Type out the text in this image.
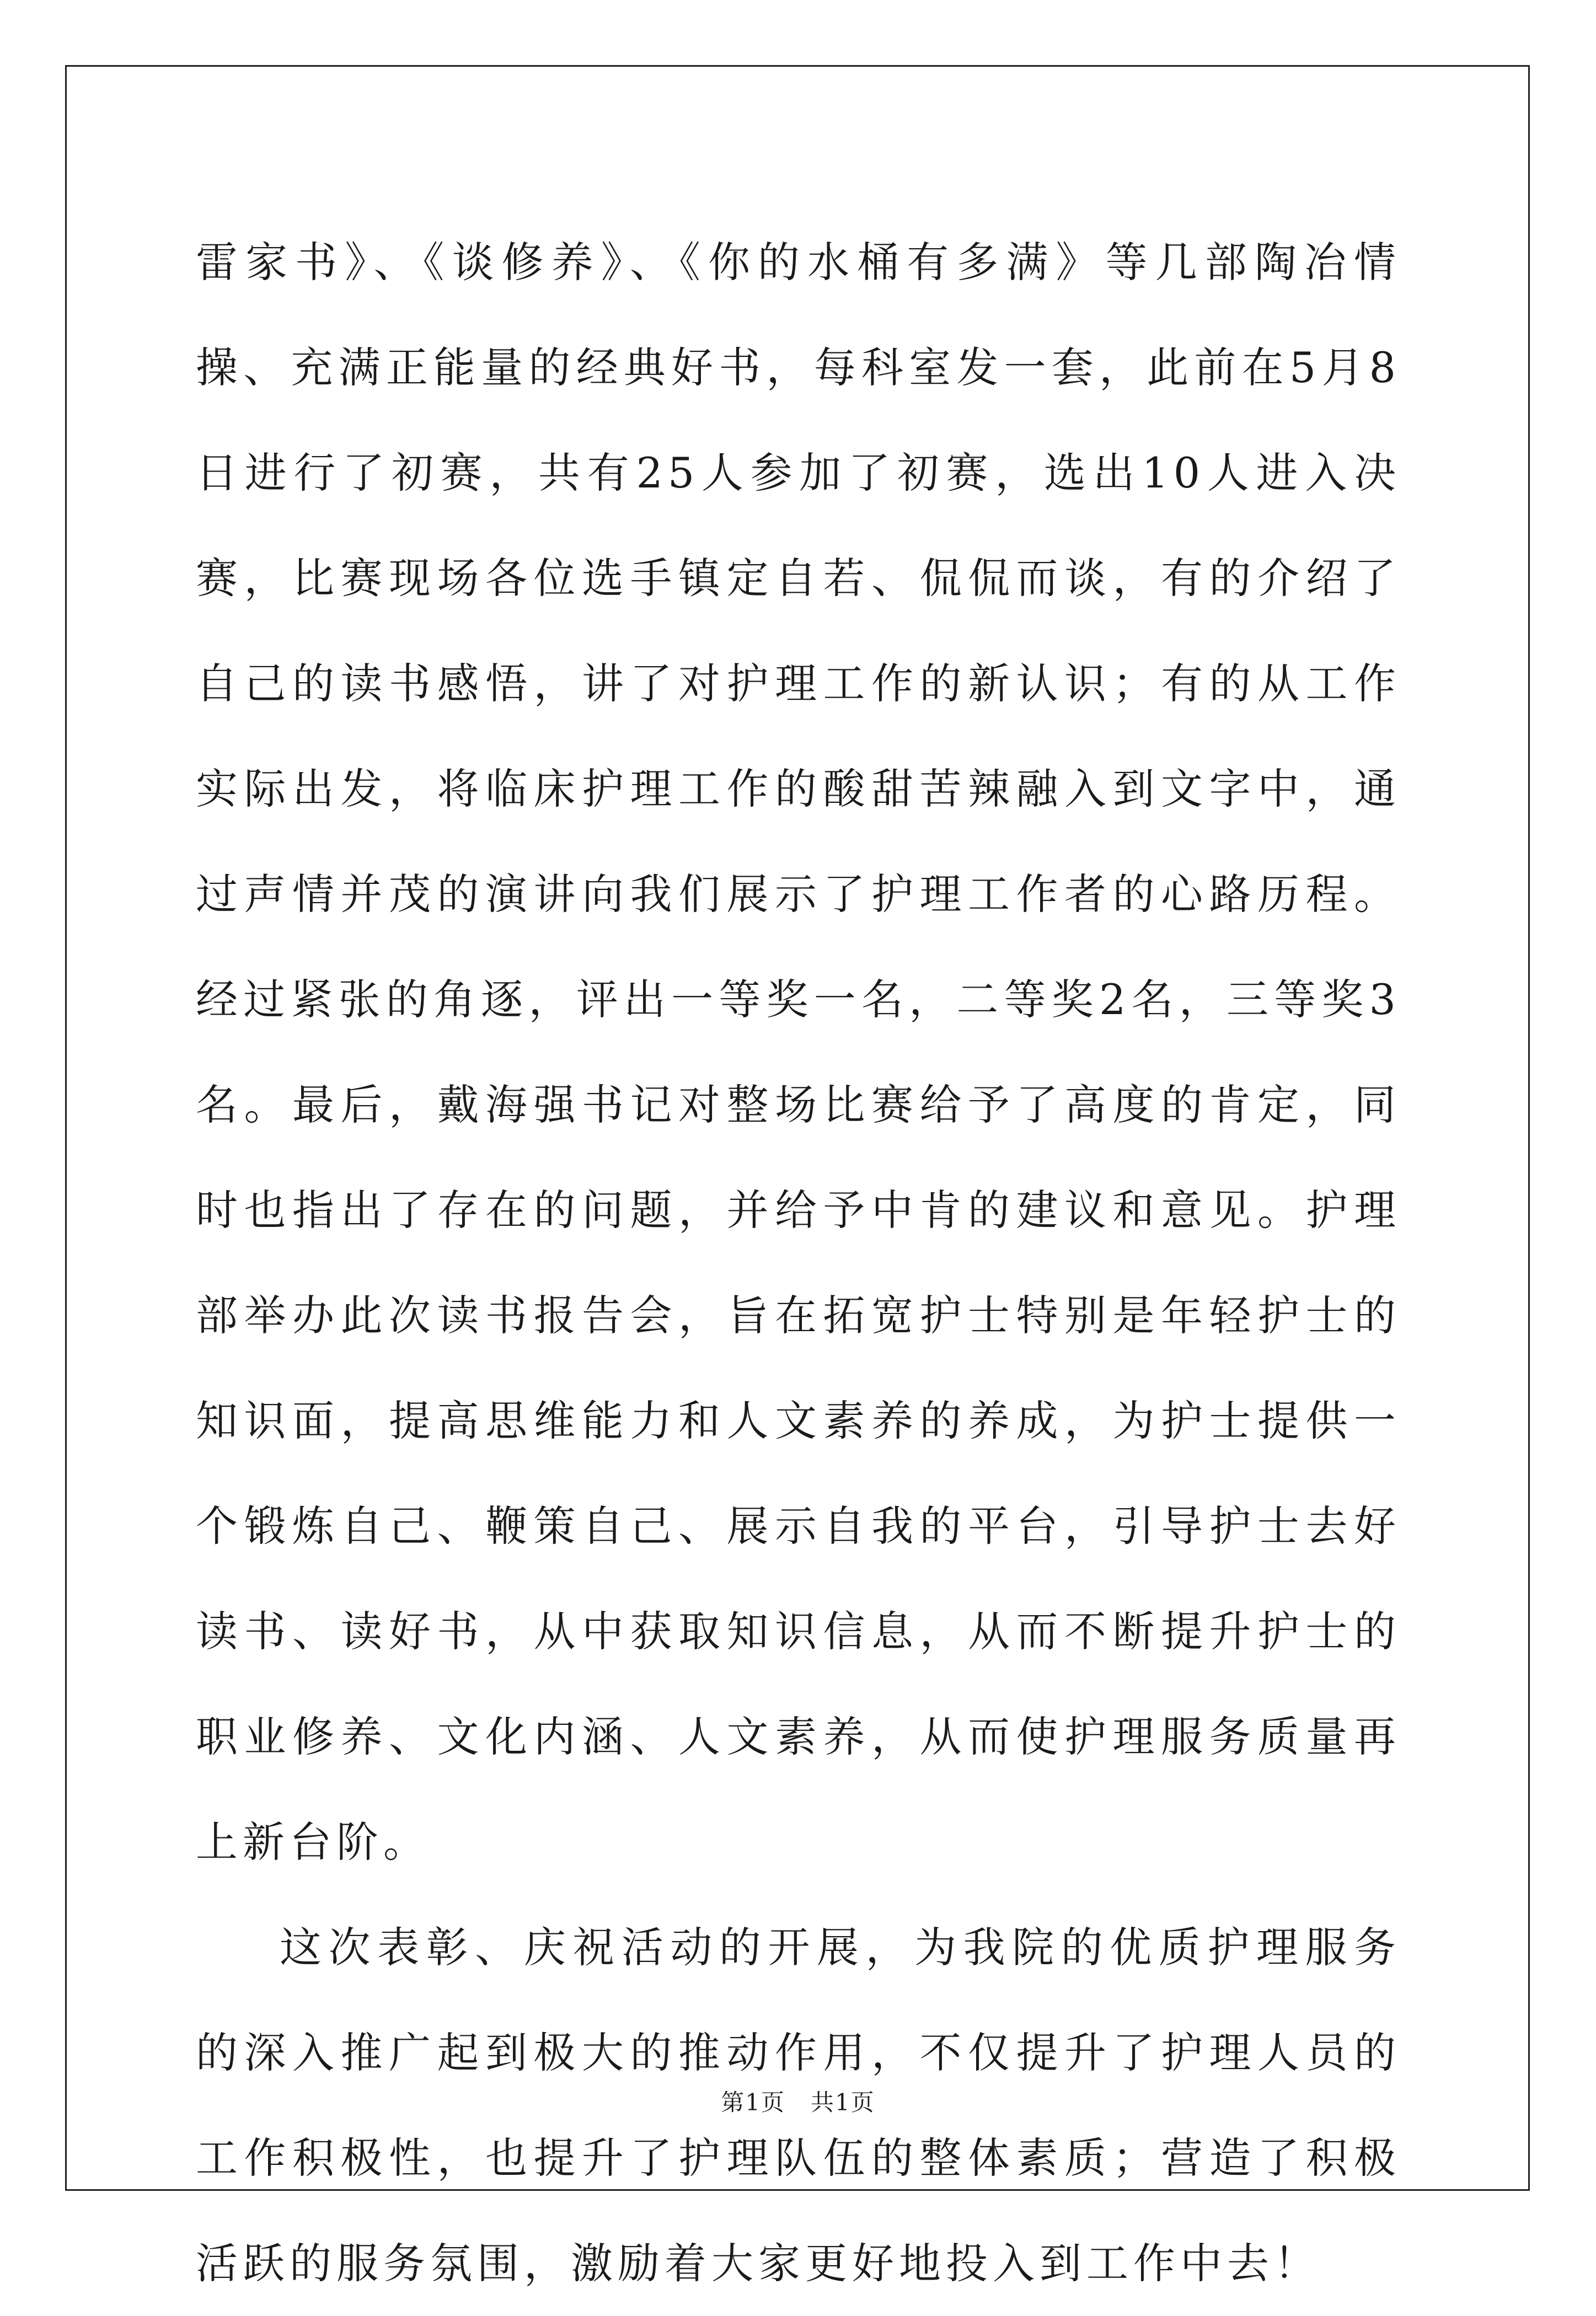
雷家书》、《谈修养》、《你的水桶有多满》等几部陶冶情操、充满正能量的经典好书，每科室发一套，此前在5月8日进行了初赛，共有25人参加了初赛，选出10人进入决赛，比赛现场各位选手镇定自若、侃侃而谈，有的介绍了自己的读书感悟，讲了对护理工作的新认识；有的从工作实际出发，将临床护理工作的酸甜苦辣融入到文字中，通过声情并茂的演讲向我们展示了护理工作者的心路历程。经过紧张的角逐，评出一等奖一名，二等奖2名，三等奖3名。最后，戴海强书记对整场比赛给予了高度的肯定，同时也指出了存在的问题，并给予中肯的建议和意见。护理部举办此次读书报告会，旨在拓宽护士特别是年轻护士的知识面，提高思维能力和人文素养的养成，为护士提供一个锻炼自己、鞭策自己、展示自我的平台，引导护士去好读书、读好书，从中获取知识信息，从而不断提升护士的职业修养、文化内涵、人文素养，从而使护理服务质量再上新台阶。

这次表彰、庆祝活动的开展，为我院的优质护理服务的深入推广起到极大的推动作用，不仅提升了护理人员的工作积极性，也提升了护理队伍的整体素质；营造了积极活跃的服务氛围，激励着大家更好地投入到工作中去！

第1页 共1页
